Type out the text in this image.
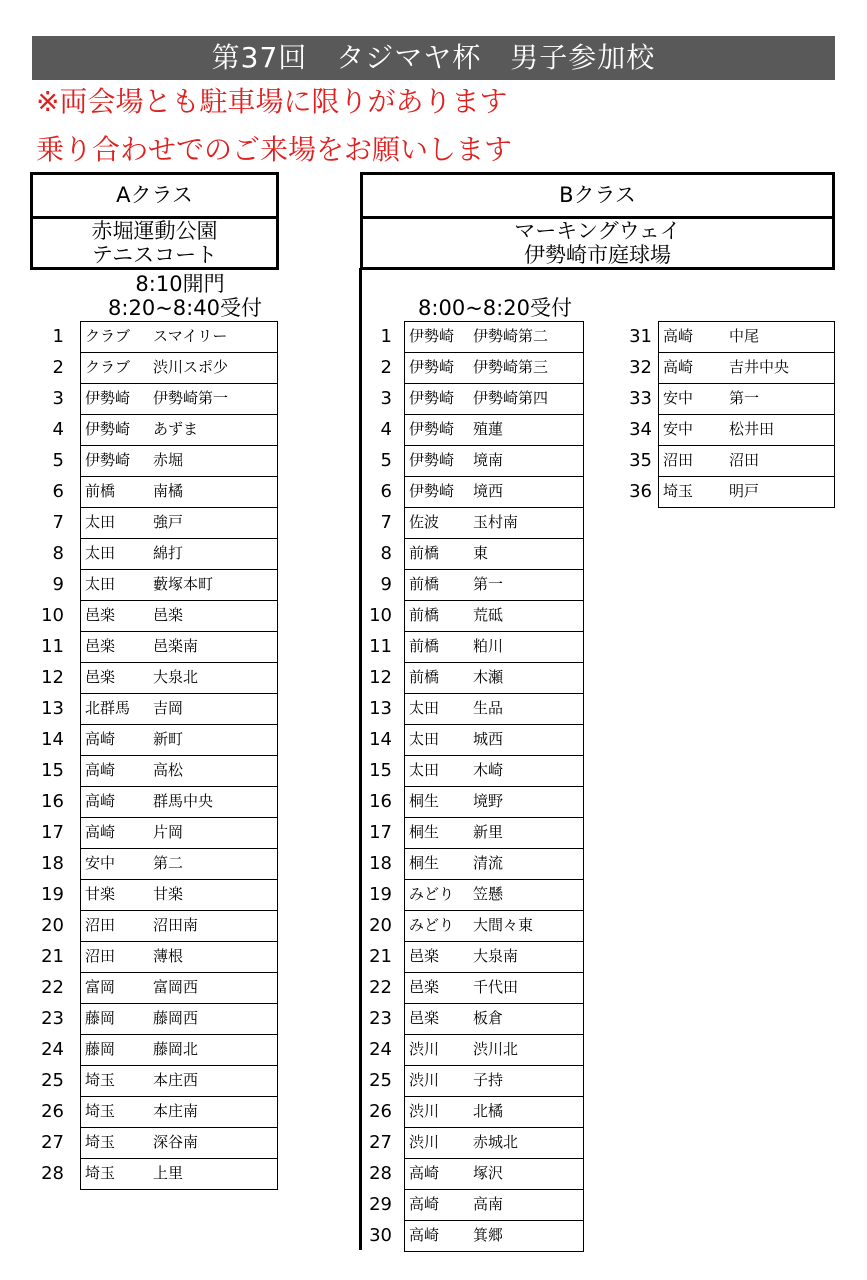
第37回　タジマヤ杯　男子参加校
※両会場とも駐車場に限りがあります
乗り合わせでのご来場をお願いします
Aクラス
赤堀運動公園
テニスコート
Bクラス
マーキングウェイ
伊勢崎市庭球場
8:10開門
8:20~8:40受付	8:00~8:20受付
1	クラブ スマイリー
2	クラブ 渋川スポ少
3	伊勢崎 伊勢崎第一
4	伊勢崎 あずま
5	伊勢崎 赤堀
6	前橋	南橘
7	太田	強戸
8	太田	綿打
9	太田	藪塚本町
10	邑楽	邑楽
11	邑楽	邑楽南
12	邑楽	大泉北
13	北群馬 吉岡
14	高崎	新町
15	高崎	高松
16	高崎	群馬中央
17	高崎	片岡
18	安中	第二
19	甘楽	甘楽
20	沼田	沼田南
21	沼田	薄根
22	富岡	富岡西
23	藤岡	藤岡西
24	藤岡	藤岡北
25	埼玉	本庄西
26	埼玉	本庄南
27	埼玉	深谷南
28	埼玉	上里
1	伊勢崎 伊勢崎第二
2	伊勢崎 伊勢崎第三
3	伊勢崎 伊勢崎第四
4	伊勢崎 殖蓮
5	伊勢崎 境南
6	伊勢崎 境西
7	佐波 玉村南
8	前橋 東
9	前橋 第一
10	前橋 荒砥
11	前橋 粕川
12	前橋 木瀬
13	太田 生品
14	太田 城西
15	太田 木崎
16	桐生 境野
17	桐生 新里
18	桐生 清流
19	みどり 笠懸
20	みどり 大間々東
21	邑楽 大泉南
22	邑楽 千代田
23	邑楽 板倉
24	渋川 渋川北
25	渋川 子持
26	渋川 北橘
27	渋川 赤城北
28	高崎 塚沢
29	高崎 高南
30	高崎 箕郷
31 高崎 中尾
32 高崎 吉井中央
33 安中 第一
34 安中 松井田
35 沼田 沼田
36 埼玉 明戸
